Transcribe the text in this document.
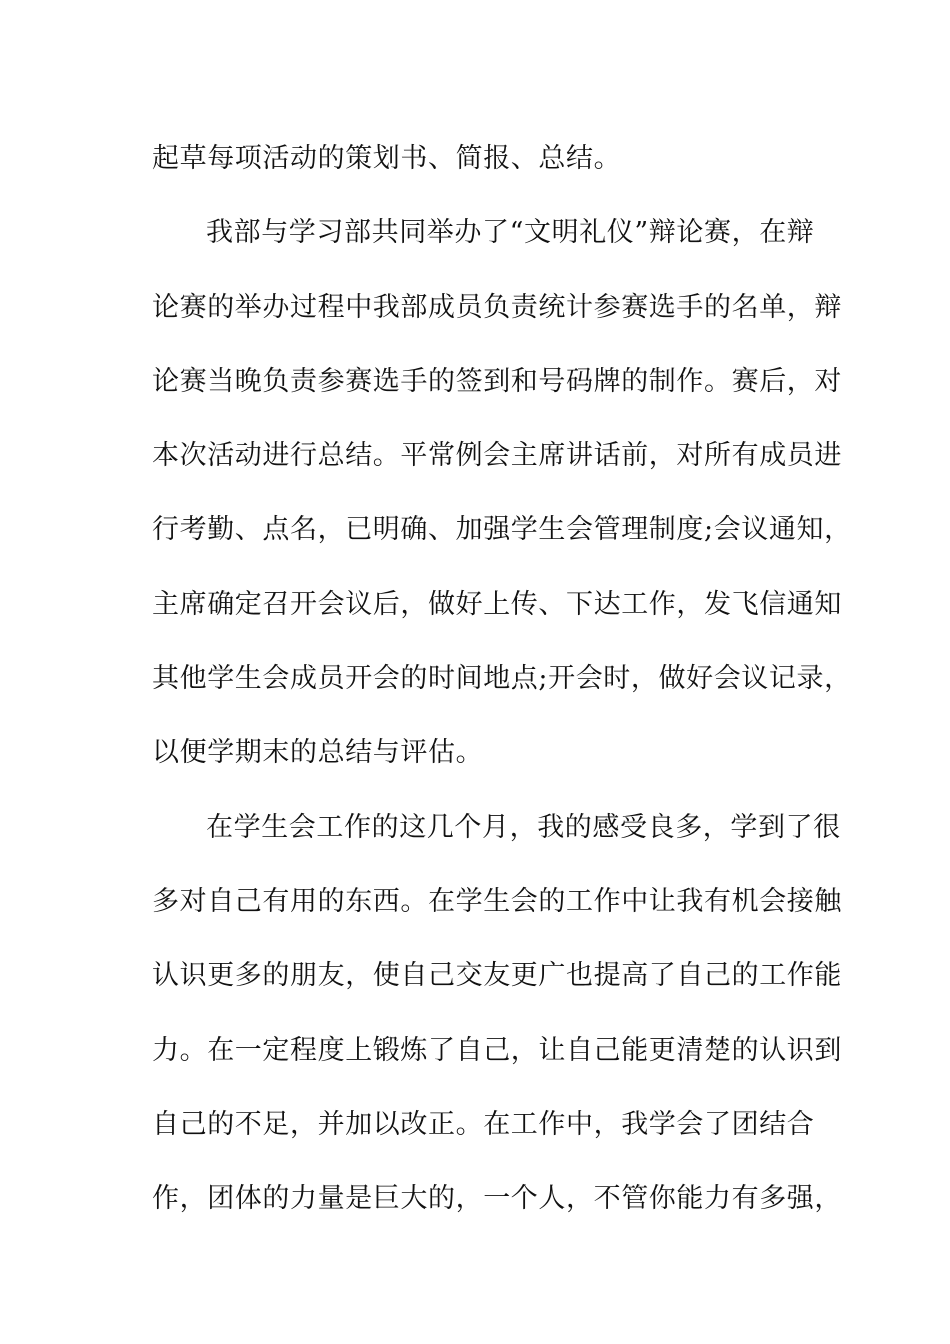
起草每项活动的策划书、简报、总结。
我部与学习部共同举办了“文明礼仪”辩论赛，在辩
论赛的举办过程中我部成员负责统计参赛选手的名单，辩
论赛当晚负责参赛选手的签到和号码牌的制作。赛后，对
本次活动进行总结。平常例会主席讲话前，对所有成员进
行考勤、点名，已明确、加强学生会管理制度;会议通知，
主席确定召开会议后，做好上传、下达工作，发飞信通知
其他学生会成员开会的时间地点;开会时，做好会议记录，
以便学期末的总结与评估。
在学生会工作的这几个月，我的感受良多，学到了很
多对自己有用的东西。在学生会的工作中让我有机会接触
认识更多的朋友，使自己交友更广也提高了自己的工作能
力。在一定程度上锻炼了自己，让自己能更清楚的认识到
自己的不足，并加以改正。在工作中，我学会了团结合
作，团体的力量是巨大的，一个人，不管你能力有多强，
